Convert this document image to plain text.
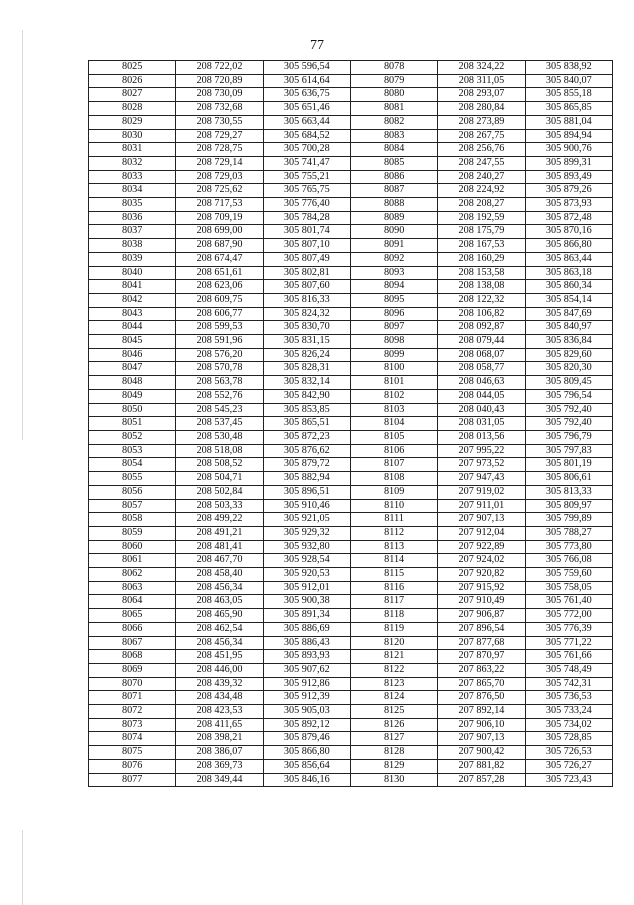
77
8025	208 722,02	305 596,54	8078	208 324,22	305 838,92
8026	208 720,89	305 614,64	8079	208 311,05	305 840,07
8027	208 730,09	305 636,75	8080	208 293,07	305 855,18
8028	208 732,68	305 651,46	8081	208 280,84	305 865,85
8029	208 730,55	305 663,44	8082	208 273,89	305 881,04
8030	208 729,27	305 684,52	8083	208 267,75	305 894,94
8031	208 728,75	305 700,28	8084	208 256,76	305 900,76
8032	208 729,14	305 741,47	8085	208 247,55	305 899,31
8033	208 729,03	305 755,21	8086	208 240,27	305 893,49
8034	208 725,62	305 765,75	8087	208 224,92	305 879,26
8035	208 717,53	305 776,40	8088	208 208,27	305 873,93
8036	208 709,19	305 784,28	8089	208 192,59	305 872,48
8037	208 699,00	305 801,74	8090	208 175,79	305 870,16
8038	208 687,90	305 807,10	8091	208 167,53	305 866,80
8039	208 674,47	305 807,49	8092	208 160,29	305 863,44
8040	208 651,61	305 802,81	8093	208 153,58	305 863,18
8041	208 623,06	305 807,60	8094	208 138,08	305 860,34
8042	208 609,75	305 816,33	8095	208 122,32	305 854,14
8043	208 606,77	305 824,32	8096	208 106,82	305 847,69
8044	208 599,53	305 830,70	8097	208 092,87	305 840,97
8045	208 591,96	305 831,15	8098	208 079,44	305 836,84
8046	208 576,20	305 826,24	8099	208 068,07	305 829,60
8047	208 570,78	305 828,31	8100	208 058,77	305 820,30
8048	208 563,78	305 832,14	8101	208 046,63	305 809,45
8049	208 552,76	305 842,90	8102	208 044,05	305 796,54
8050	208 545,23	305 853,85	8103	208 040,43	305 792,40
8051	208 537,45	305 865,51	8104	208 031,05	305 792,40
8052	208 530,48	305 872,23	8105	208 013,56	305 796,79
8053	208 518,08	305 876,62	8106	207 995,22	305 797,83
8054	208 508,52	305 879,72	8107	207 973,52	305 801,19
8055	208 504,71	305 882,94	8108	207 947,43	305 806,61
8056	208 502,84	305 896,51	8109	207 919,02	305 813,33
8057	208 503,33	305 910,46	8110	207 911,01	305 809,97
8058	208 499,22	305 921,05	8111	207 907,13	305 799,89
8059	208 491,21	305 929,32	8112	207 912,04	305 788,27
8060	208 481,41	305 932,80	8113	207 922,89	305 773,80
8061	208 467,70	305 928,54	8114	207 924,02	305 766,08
8062	208 458,40	305 920,53	8115	207 920,82	305 759,60
8063	208 456,34	305 912,01	8116	207 915,92	305 758,05
8064	208 463,05	305 900,38	8117	207 910,49	305 761,40
8065	208 465,90	305 891,34	8118	207 906,87	305 772,00
8066	208 462,54	305 886,69	8119	207 896,54	305 776,39
8067	208 456,34	305 886,43	8120	207 877,68	305 771,22
8068	208 451,95	305 893,93	8121	207 870,97	305 761,66
8069	208 446,00	305 907,62	8122	207 863,22	305 748,49
8070	208 439,32	305 912,86	8123	207 865,70	305 742,31
8071	208 434,48	305 912,39	8124	207 876,50	305 736,53
8072	208 423,53	305 905,03	8125	207 892,14	305 733,24
8073	208 411,65	305 892,12	8126	207 906,10	305 734,02
8074	208 398,21	305 879,46	8127	207 907,13	305 728,85
8075	208 386,07	305 866,80	8128	207 900,42	305 726,53
8076	208 369,73	305 856,64	8129	207 881,82	305 726,27
8077	208 349,44	305 846,16	8130	207 857,28	305 723,43
